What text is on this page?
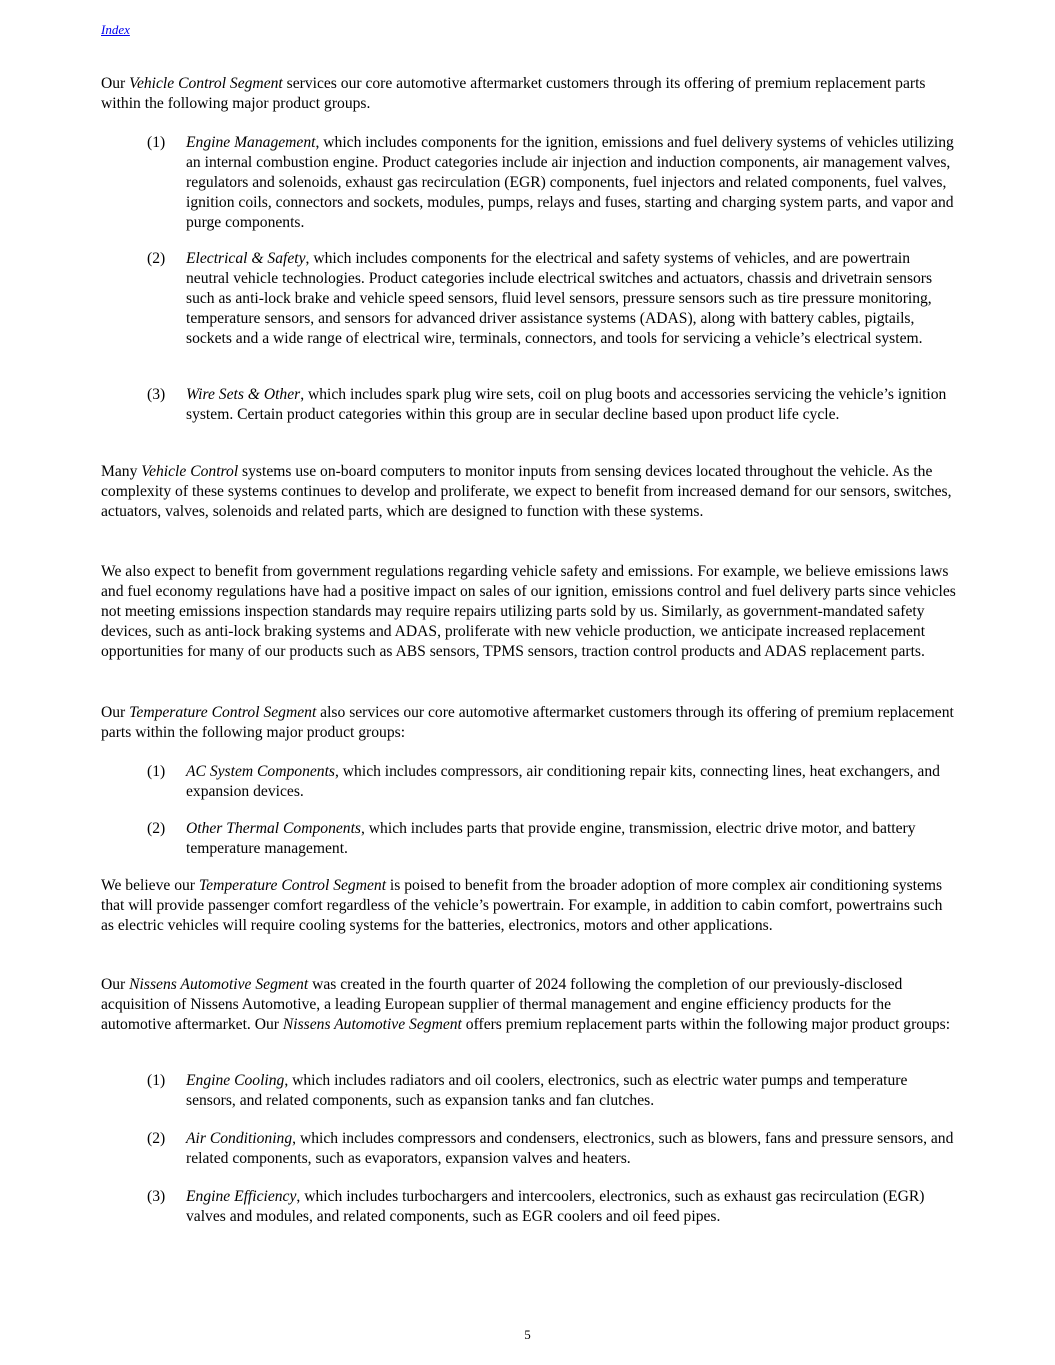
Index

Our Vehicle Control Segment services our core automotive aftermarket customers through its offering of premium replacement parts within the following major product groups.

(1)	Engine Management, which includes components for the ignition, emissions and fuel delivery systems of vehicles utilizing an internal combustion engine. Product categories include air injection and induction components, air management valves, regulators and solenoids, exhaust gas recirculation (EGR) components, fuel injectors and related components, fuel valves, ignition coils, connectors and sockets, modules, pumps, relays and fuses, starting and charging system parts, and vapor and purge components.

(2)	Electrical & Safety, which includes components for the electrical and safety systems of vehicles, and are powertrain neutral vehicle technologies. Product categories include electrical switches and actuators, chassis and drivetrain sensors such as anti-lock brake and vehicle speed sensors, fluid level sensors, pressure sensors such as tire pressure monitoring, temperature sensors, and sensors for advanced driver assistance systems (ADAS), along with battery cables, pigtails, sockets and a wide range of electrical wire, terminals, connectors, and tools for servicing a vehicle’s electrical system.

(3)	Wire Sets & Other, which includes spark plug wire sets, coil on plug boots and accessories servicing the vehicle’s ignition system. Certain product categories within this group are in secular decline based upon product life cycle.

Many Vehicle Control systems use on-board computers to monitor inputs from sensing devices located throughout the vehicle. As the complexity of these systems continues to develop and proliferate, we expect to benefit from increased demand for our sensors, switches, actuators, valves, solenoids and related parts, which are designed to function with these systems.

We also expect to benefit from government regulations regarding vehicle safety and emissions. For example, we believe emissions laws and fuel economy regulations have had a positive impact on sales of our ignition, emissions control and fuel delivery parts since vehicles not meeting emissions inspection standards may require repairs utilizing parts sold by us. Similarly, as government-mandated safety devices, such as anti-lock braking systems and ADAS, proliferate with new vehicle production, we anticipate increased replacement opportunities for many of our products such as ABS sensors, TPMS sensors, traction control products and ADAS replacement parts.

Our Temperature Control Segment also services our core automotive aftermarket customers through its offering of premium replacement parts within the following major product groups:

(1)	AC System Components, which includes compressors, air conditioning repair kits, connecting lines, heat exchangers, and expansion devices.

(2)	Other Thermal Components, which includes parts that provide engine, transmission, electric drive motor, and battery temperature management.

We believe our Temperature Control Segment is poised to benefit from the broader adoption of more complex air conditioning systems that will provide passenger comfort regardless of the vehicle’s powertrain. For example, in addition to cabin comfort, powertrains such as electric vehicles will require cooling systems for the batteries, electronics, motors and other applications.

Our Nissens Automotive Segment was created in the fourth quarter of 2024 following the completion of our previously-disclosed acquisition of Nissens Automotive, a leading European supplier of thermal management and engine efficiency products for the automotive aftermarket. Our Nissens Automotive Segment offers premium replacement parts within the following major product groups:

(1)	Engine Cooling, which includes radiators and oil coolers, electronics, such as electric water pumps and temperature sensors, and related components, such as expansion tanks and fan clutches.

(2)	Air Conditioning, which includes compressors and condensers, electronics, such as blowers, fans and pressure sensors, and related components, such as evaporators, expansion valves and heaters.

(3)	Engine Efficiency, which includes turbochargers and intercoolers, electronics, such as exhaust gas recirculation (EGR) valves and modules, and related components, such as EGR coolers and oil feed pipes.

5
